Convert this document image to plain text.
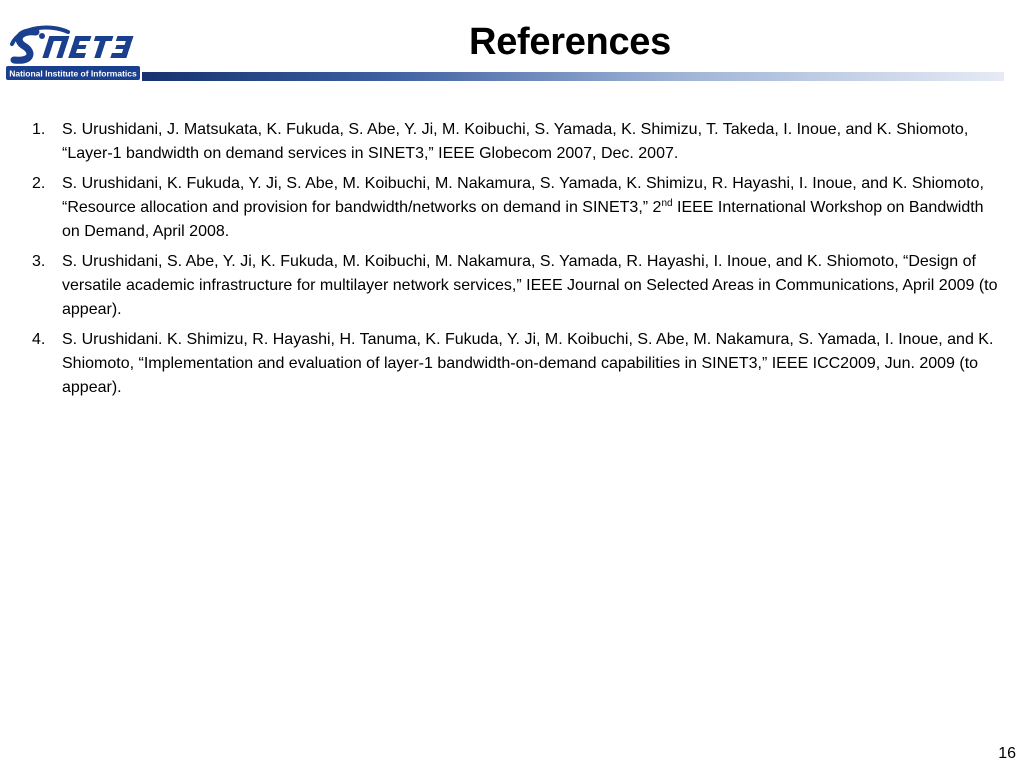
National Institute of Informatics
References
1. S. Urushidani, J. Matsukata, K. Fukuda, S. Abe, Y. Ji, M. Koibuchi, S. Yamada, K. Shimizu, T. Takeda, I. Inoue, and K. Shiomoto, “Layer-1 bandwidth on demand services in SINET3,” IEEE Globecom 2007, Dec. 2007.
2. S. Urushidani, K. Fukuda, Y. Ji, S. Abe, M. Koibuchi, M. Nakamura, S. Yamada, K. Shimizu, R. Hayashi, I. Inoue, and K. Shiomoto, “Resource allocation and provision for bandwidth/networks on demand in SINET3,” 2nd IEEE International Workshop on Bandwidth on Demand, April 2008.
3. S. Urushidani, S. Abe, Y. Ji, K. Fukuda, M. Koibuchi, M. Nakamura, S. Yamada, R. Hayashi, I. Inoue, and K. Shiomoto, “Design of versatile academic infrastructure for multilayer network services,” IEEE Journal on Selected Areas in Communications, April 2009 (to appear).
4. S. Urushidani. K. Shimizu, R. Hayashi, H. Tanuma, K. Fukuda, Y. Ji, M. Koibuchi, S. Abe, M. Nakamura, S. Yamada, I. Inoue, and K. Shiomoto, “Implementation and evaluation of layer-1 bandwidth-on-demand capabilities in SINET3,” IEEE ICC2009, Jun. 2009 (to appear).
16
